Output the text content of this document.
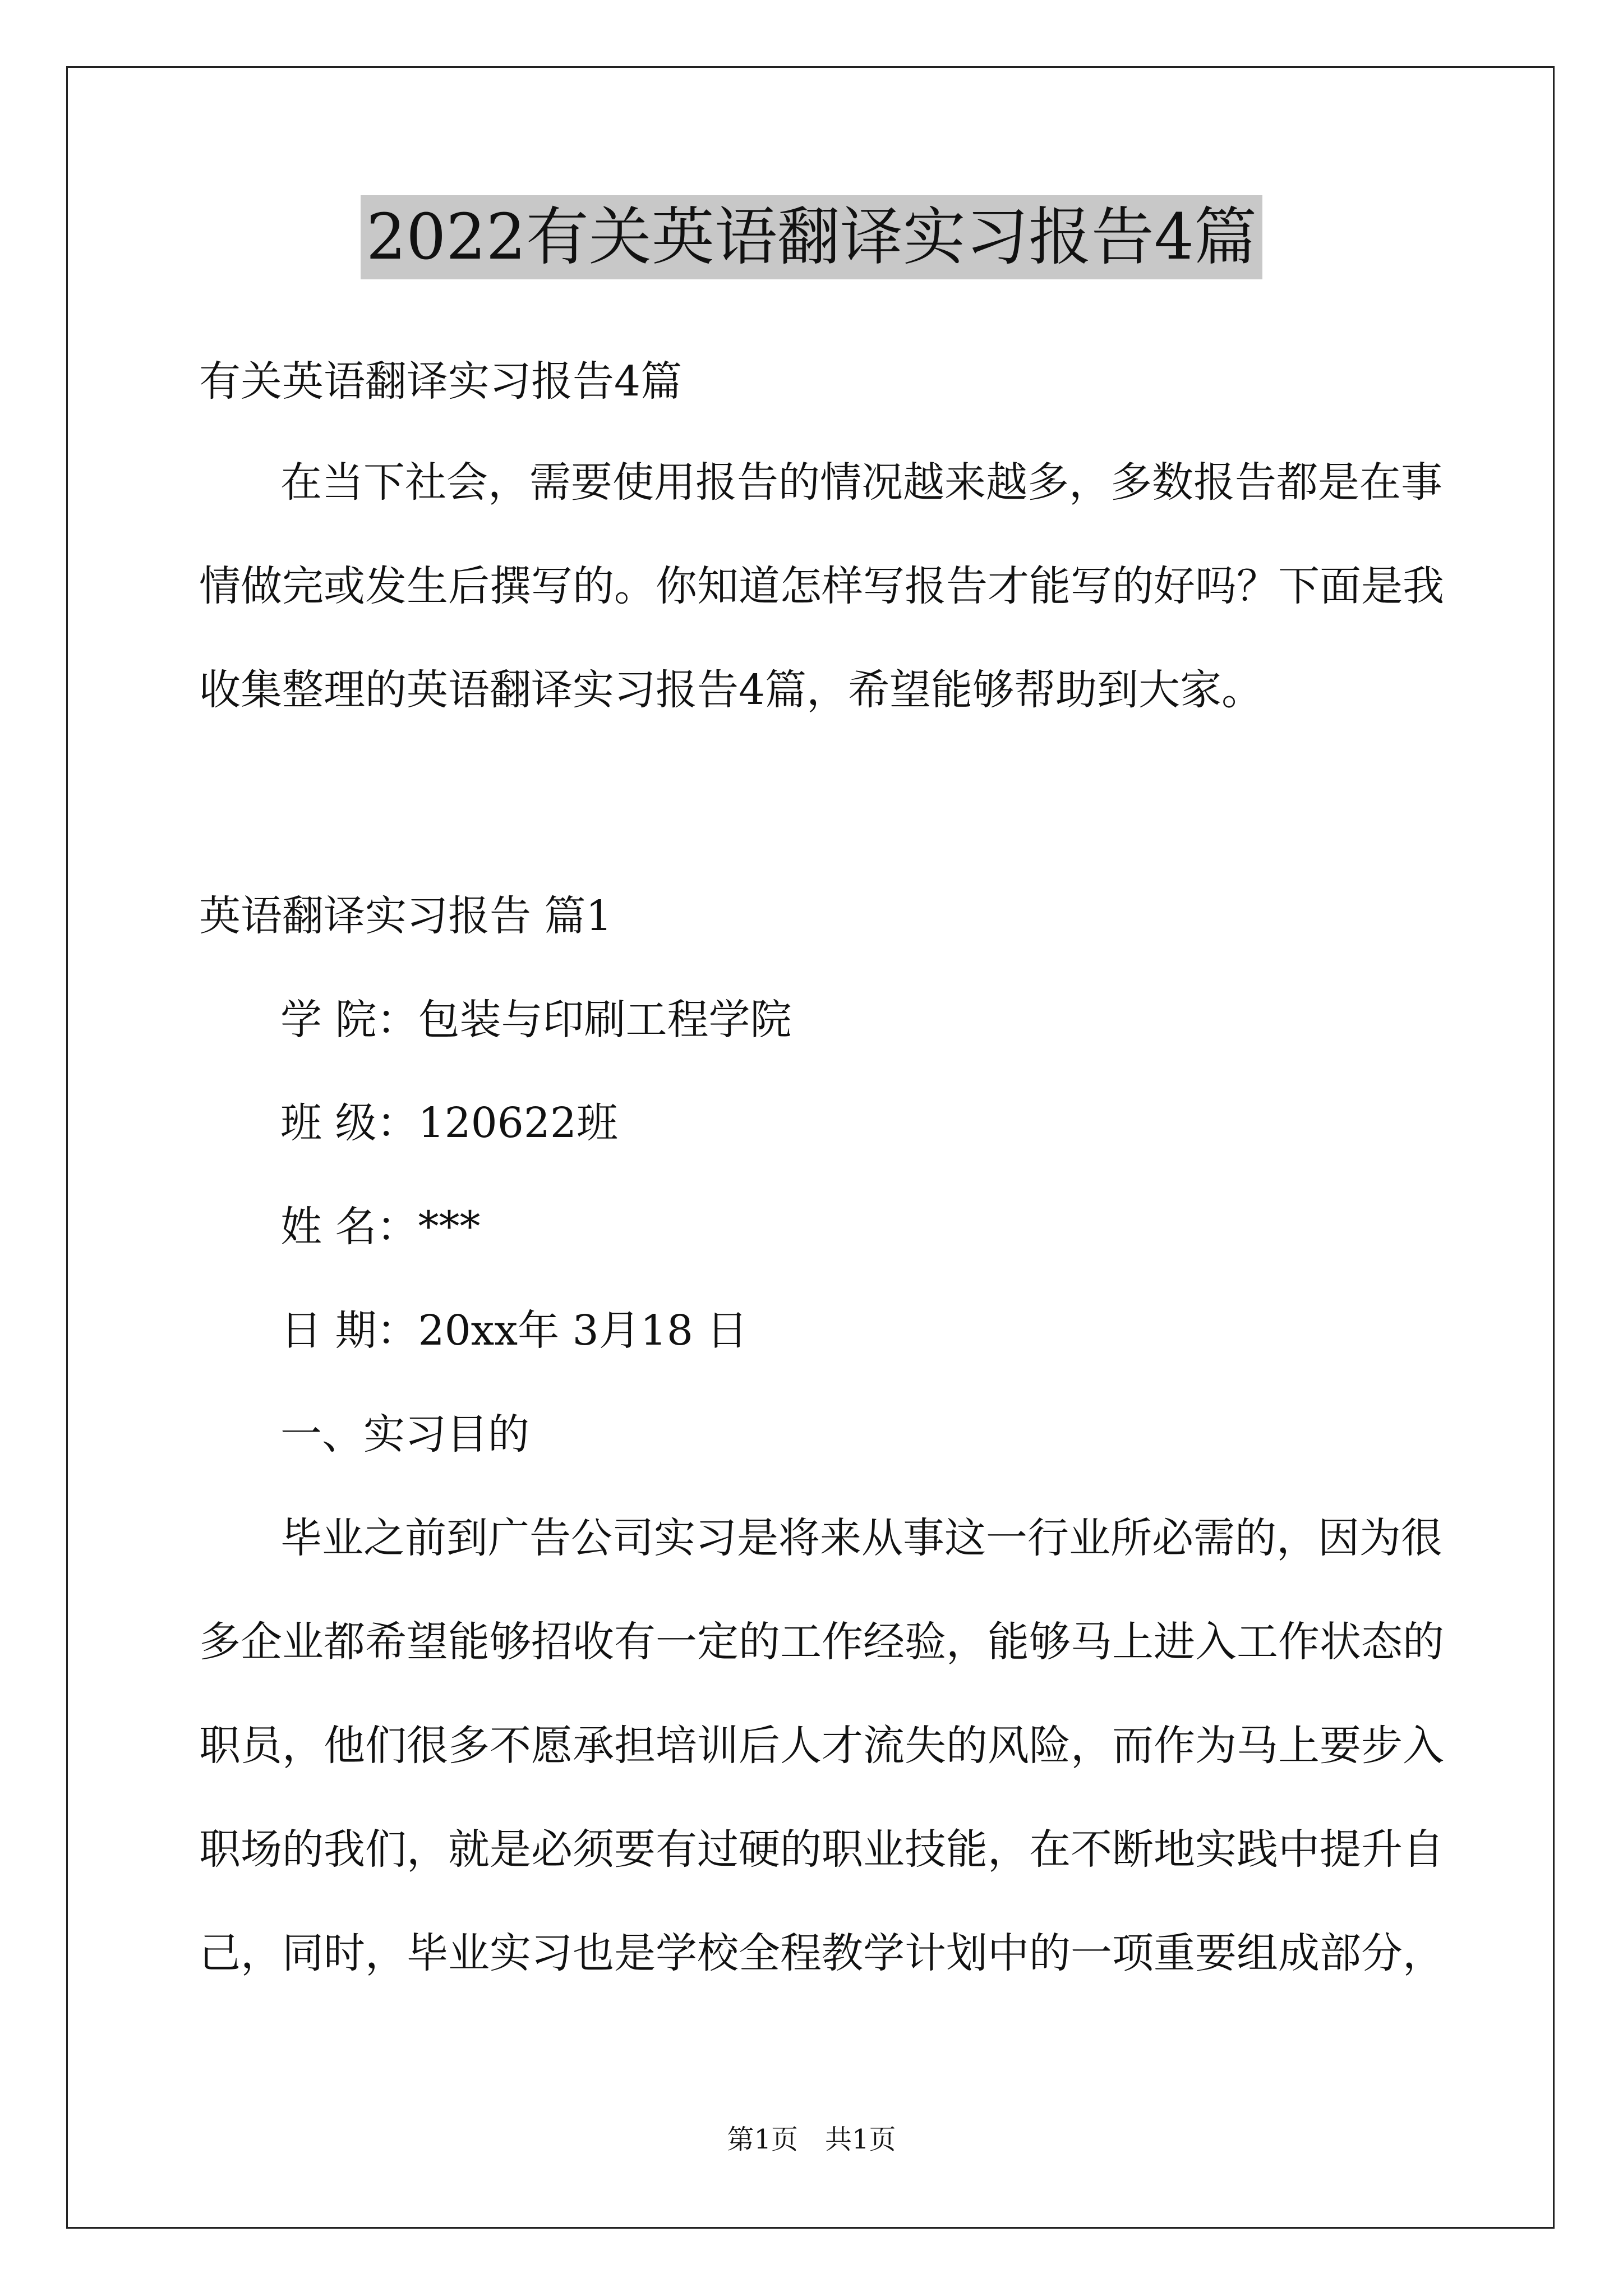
2022有关英语翻译实习报告4篇
有关英语翻译实习报告4篇
在当下社会，需要使用报告的情况越来越多，多数报告都是在事
情做完或发生后撰写的。你知道怎样写报告才能写的好吗？下面是我
收集整理的英语翻译实习报告4篇，希望能够帮助到大家。
英语翻译实习报告 篇1
学 院：包装与印刷工程学院
班 级：120622班
姓 名：***
日 期：20xx年 3月18 日
一、实习目的
毕业之前到广告公司实习是将来从事这一行业所必需的，因为很
多企业都希望能够招收有一定的工作经验，能够马上进入工作状态的
职员，他们很多不愿承担培训后人才流失的风险，而作为马上要步入
职场的我们，就是必须要有过硬的职业技能，在不断地实践中提升自
己，同时，毕业实习也是学校全程教学计划中的一项重要组成部分，
第1页　共1页
